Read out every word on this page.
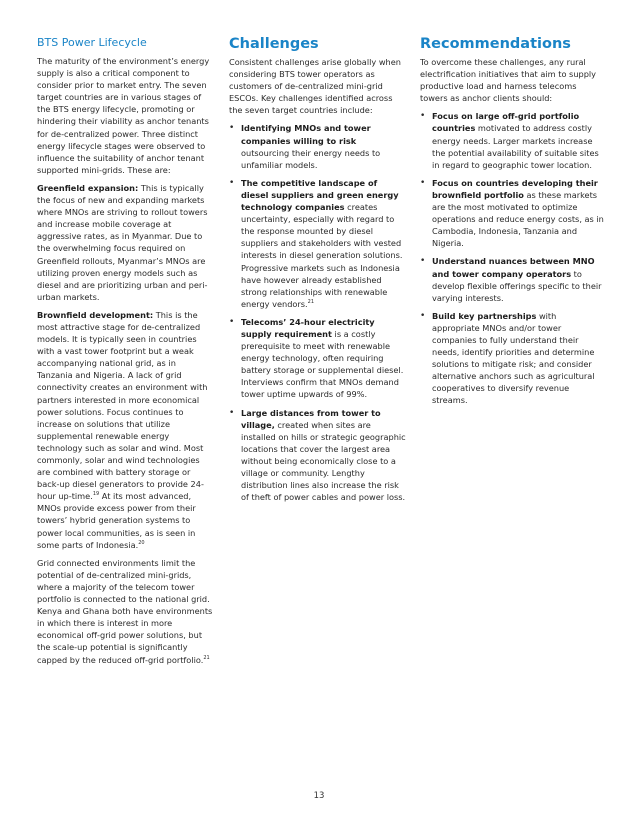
BTS Power Lifecycle

The maturity of the environment’s energy supply is also a critical component to consider prior to market entry. The seven target countries are in various stages of the BTS energy lifecycle, promoting or hindering their viability as anchor tenants for de-centralized power. Three distinct energy lifecycle stages were observed to influence the suitability of anchor tenant supported mini-grids. These are:

Greenfield expansion: This is typically the focus of new and expanding markets where MNOs are striving to rollout towers and increase mobile coverage at aggressive rates, as in Myanmar. Due to the overwhelming focus required on Greenfield rollouts, Myanmar’s MNOs are utilizing proven energy models such as diesel and are prioritizing urban and peri-urban markets.

Brownfield development: This is the most attractive stage for de-centralized models. It is typically seen in countries with a vast tower footprint but a weak accompanying national grid, as in Tanzania and Nigeria. A lack of grid connectivity creates an environment with partners interested in more economical power solutions. Focus continues to increase on solutions that utilize supplemental renewable energy technology such as solar and wind. Most commonly, solar and wind technologies are combined with battery storage or back-up diesel generators to provide 24-hour up-time.$^{19}$ At its most advanced, MNOs provide excess power from their towers’ hybrid generation systems to power local communities, as is seen in some parts of Indonesia.$^{20}$

Grid connected environments limit the potential of de-centralized mini-grids, where a majority of the telecom tower portfolio is connected to the national grid. Kenya and Ghana both have environments in which there is interest in more economical off-grid power solutions, but the scale-up potential is significantly capped by the reduced off-grid portfolio.$^{21}$

Challenges

Consistent challenges arise globally when considering BTS tower operators as customers of de-centralized mini-grid ESCOs. Key challenges identified across the seven target countries include:

• Identifying MNOs and tower companies willing to risk outsourcing their energy needs to unfamiliar models.
• The competitive landscape of diesel suppliers and green energy technology companies creates uncertainty, especially with regard to the response mounted by diesel suppliers and stakeholders with vested interests in diesel generation solutions. Progressive markets such as Indonesia have however already established strong relationships with renewable energy vendors.$^{21}$
• Telecoms’ 24-hour electricity supply requirement is a costly prerequisite to meet with renewable energy technology, often requiring battery storage or supplemental diesel. Interviews confirm that MNOs demand tower uptime upwards of 99%.
• Large distances from tower to village, created when sites are installed on hills or strategic geographic locations that cover the largest area without being economically close to a village or community. Lengthy distribution lines also increase the risk of theft of power cables and power loss.
Recommendations

To overcome these challenges, any rural electrification initiatives that aim to supply productive load and harness telecoms towers as anchor clients should:

• Focus on large off-grid portfolio countries motivated to address costly energy needs. Larger markets increase the potential availability of suitable sites in regard to geographic tower location.
• Focus on countries developing their brownfield portfolio as these markets are the most motivated to optimize operations and reduce energy costs, as in Cambodia, Indonesia, Tanzania and Nigeria.
• Understand nuances between MNO and tower company operators to develop flexible offerings specific to their varying interests.
• Build key partnerships with appropriate MNOs and/or tower companies to fully understand their needs, identify priorities and determine solutions to mitigate risk; and consider alternative anchors such as agricultural cooperatives to diversify revenue streams.
13
